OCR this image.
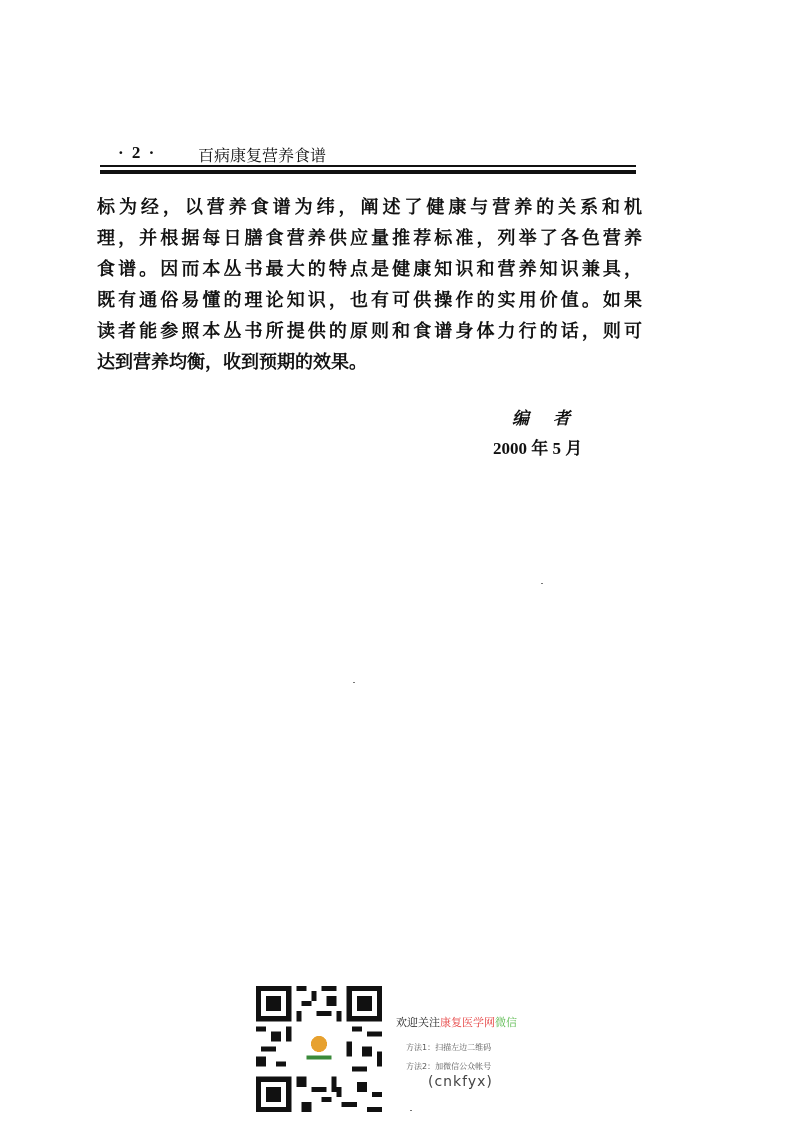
· 2 ·	百病康复营养食谱
标为经，以营养食谱为纬，阐述了健康与营养的关系和机
理，并根据每日膳食营养供应量推荐标准，列举了各色营养
食谱。因而本丛书最大的特点是健康知识和营养知识兼具，
既有通俗易懂的理论知识，也有可供操作的实用价值。如果
读者能参照本丛书所提供的原则和食谱身体力行的话，则可
达到营养均衡，收到预期的效果。
编者
2000 年 5 月
欢迎关注康复医学网微信
方法1：扫描左边二维码
方法2：加微信公众帐号
(cnkfyx)
